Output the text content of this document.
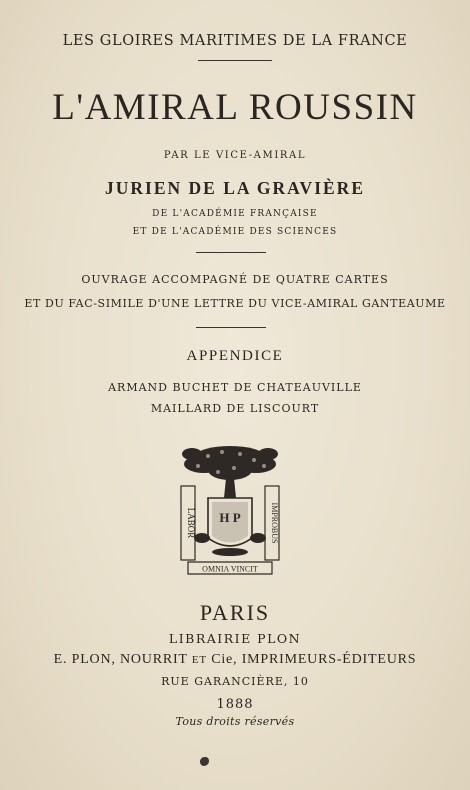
LES GLOIRES MARITIMES DE LA FRANCE
L'AMIRAL ROUSSIN
PAR LE VICE-AMIRAL
JURIEN DE LA GRAVIÈRE
DE L'ACADÉMIE FRANÇAISE
ET DE L'ACADÉMIE DES SCIENCES
OUVRAGE ACCOMPAGNÉ DE QUATRE CARTES
ET DU FAC-SIMILE D'UNE LETTRE DU VICE-AMIRAL GANTEAUME
APPENDICE
ARMAND BUCHET DE CHATEAUVILLE
MAILLARD DE LISCOURT
H P
LABOR	IMPROBUS
OMNIA VINCIT
PARIS
LIBRAIRIE PLON
E. PLON, NOURRIT ET Cie, IMPRIMEURS-ÉDITEURS
RUE GARANCIÈRE, 10
1888
Tous droits réservés
